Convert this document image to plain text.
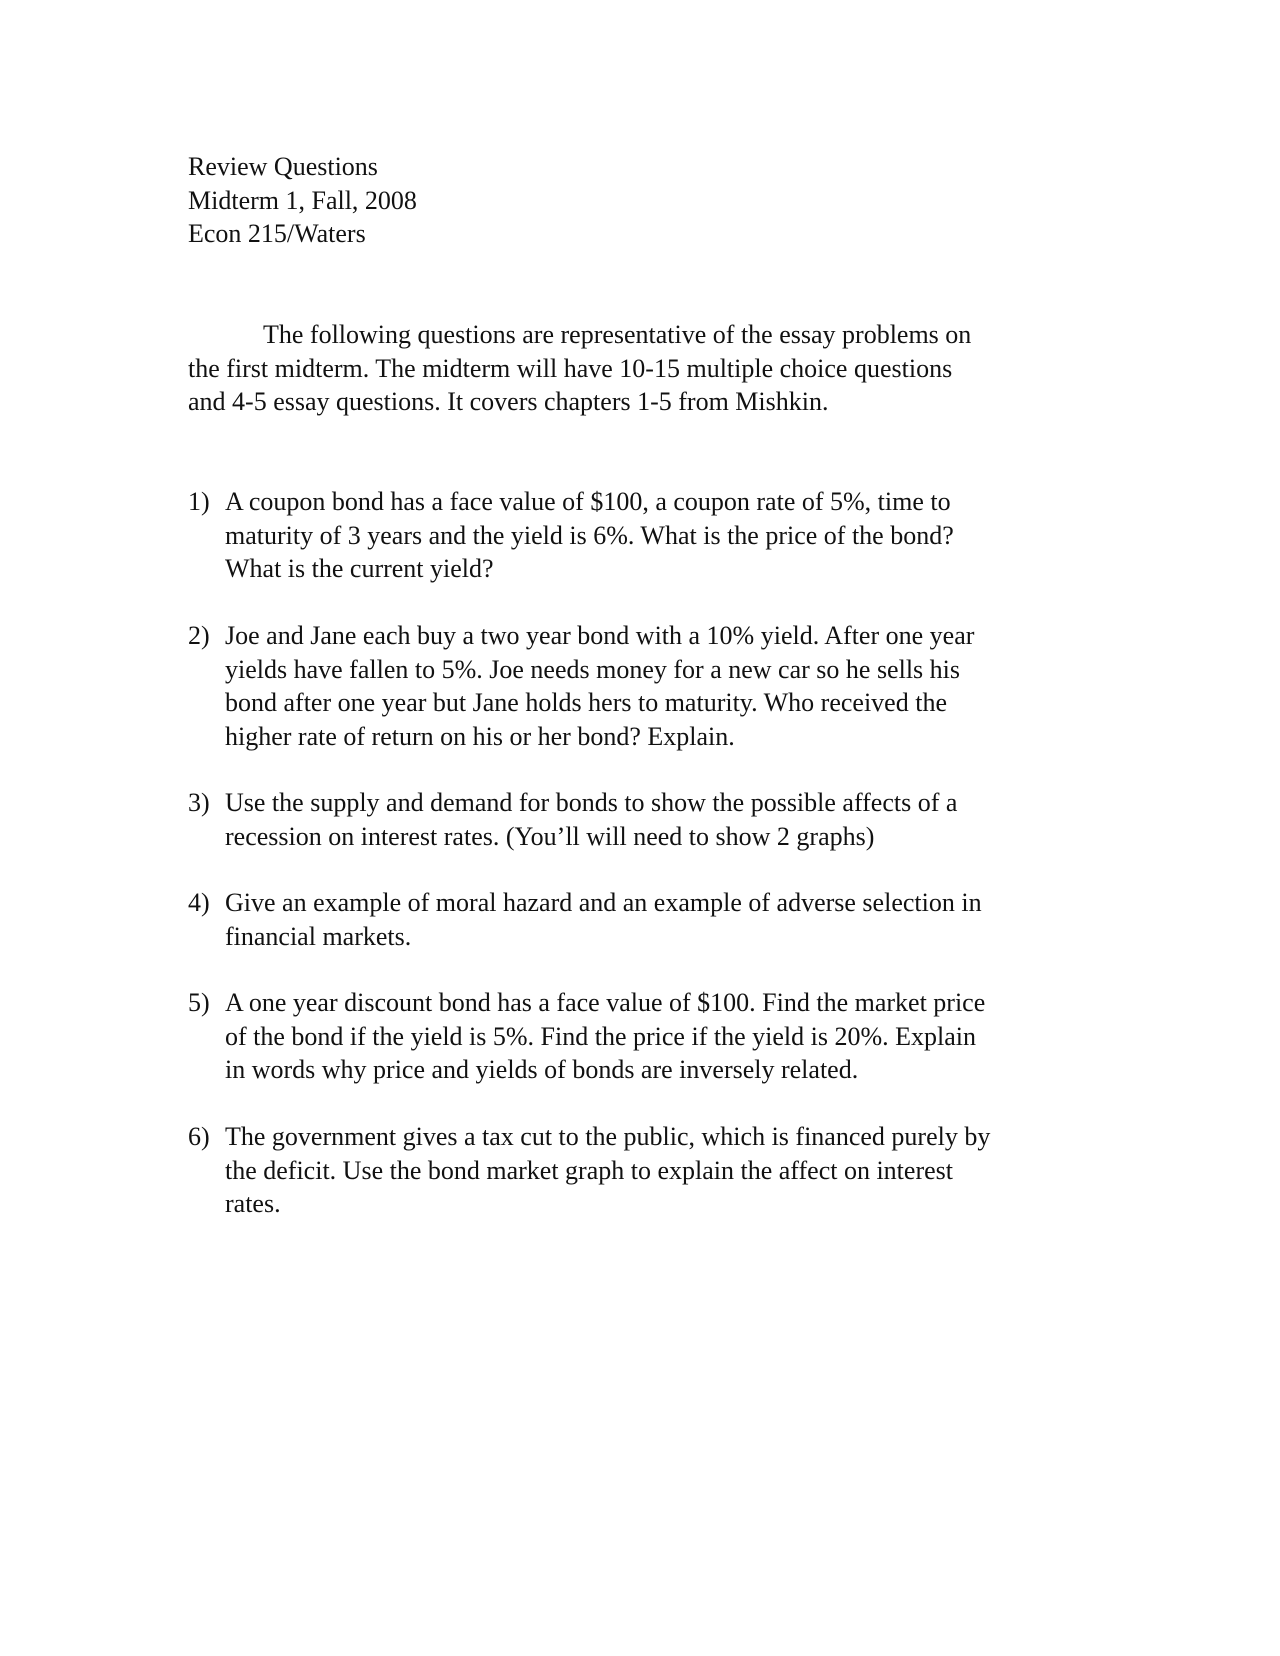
Review Questions
Midterm 1, Fall, 2008
Econ 215/Waters
The following questions are representative of the essay problems on
the first midterm. The midterm will have 10-15 multiple choice questions
and 4-5 essay questions. It covers chapters 1-5 from Mishkin.
1) A coupon bond has a face value of $100, a coupon rate of 5%, time to
maturity of 3 years and the yield is 6%. What is the price of the bond?
What is the current yield?
2) Joe and Jane each buy a two year bond with a 10% yield. After one year
yields have fallen to 5%. Joe needs money for a new car so he sells his
bond after one year but Jane holds hers to maturity. Who received the
higher rate of return on his or her bond? Explain.
3) Use the supply and demand for bonds to show the possible affects of a
recession on interest rates. (You’ll will need to show 2 graphs)
4) Give an example of moral hazard and an example of adverse selection in
financial markets.
5) A one year discount bond has a face value of $100. Find the market price
of the bond if the yield is 5%. Find the price if the yield is 20%. Explain
in words why price and yields of bonds are inversely related.
6) The government gives a tax cut to the public, which is financed purely by
the deficit. Use the bond market graph to explain the affect on interest
rates.
